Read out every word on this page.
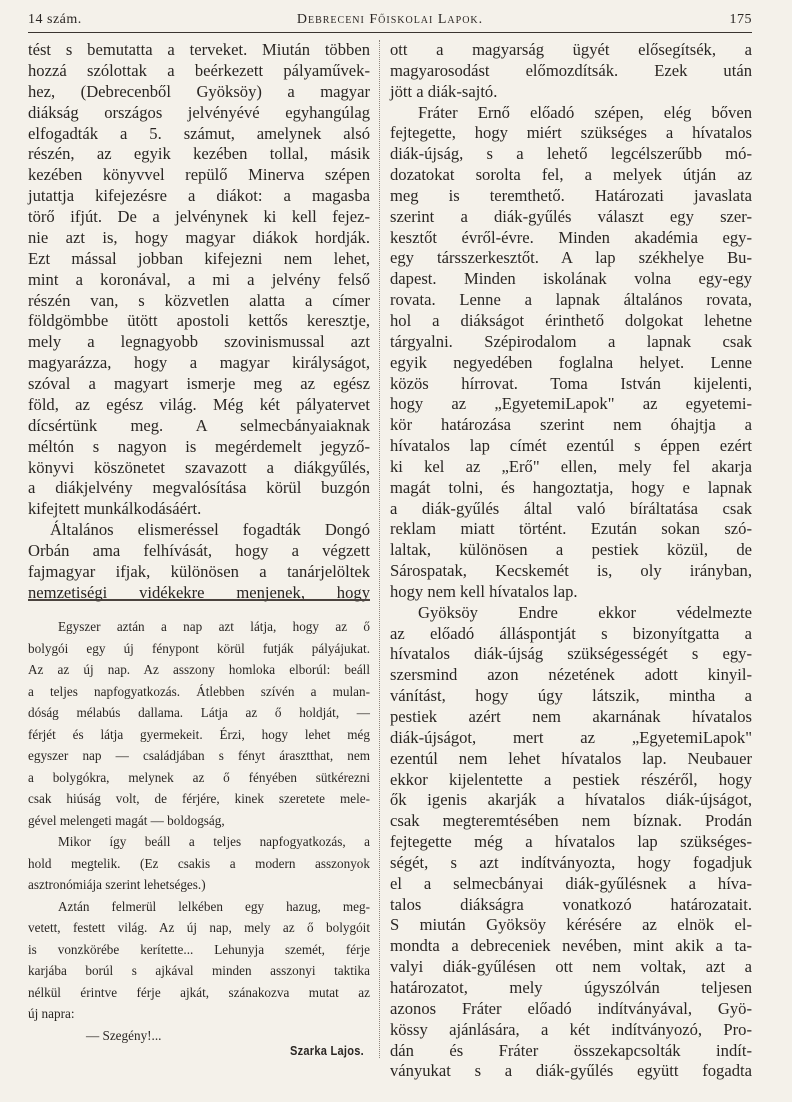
14 szám.	Debreceni Főiskolai Lapok.	175
tést s bemutatta a terveket. Miután többen
hozzá szólottak a beérkezett pályaművek-
hez, (Debrecenből Gyöksöy) a magyar
diákság országos jelvényévé egyhangúlag
elfogadták a 5. számut, amelynek alsó
részén, az egyik kezében tollal, másik
kezében könyvvel repülő Minerva szépen
jutattja kifejezésre a diákot: a magasba
törő ifjút. De a jelvénynek ki kell fejez-
nie azt is, hogy magyar diákok hordják.
Ezt mással jobban kifejezni nem lehet,
mint a koronával, a mi a jelvény felső
részén van, s közvetlen alatta a címer
földgömbbe ütött apostoli kettős keresztje,
mely a legnagyobb szovinismussal azt
magyarázza, hogy a magyar királyságot,
szóval a magyart ismerje meg az egész
föld, az egész világ. Még két pályatervet
dícsértünk meg. A selmecbányaiaknak
méltón s nagyon is megérdemelt jegyző-
könyvi köszönetet szavazott a diákgyűlés,
a diákjelvény megvalósítása körül buzgón
kifejtett munkálkodásáért.
Általános elismeréssel fogadták Dongó
Orbán ama felhívását, hogy a végzett
fajmagyar ifjak, különösen a tanárjelöltek
nemzetiségi vidékekre menjenek, hogy
Egyszer aztán a nap azt látja, hogy az ő
bolygói egy új fénypont körül futják pályájukat.
Az az új nap. Az asszony homloka elborúl: beáll
a teljes napfogyatkozás. Átlebben szívén a mulan-
dóság mélabús dallama. Látja az ő holdját, —
férjét és látja gyermekeit. Érzi, hogy lehet még
egyszer nap — családjában s fényt árasztthat, nem
a bolygókra, melynek az ő fényében sütkérezni
csak hiúság volt, de férjére, kinek szeretete mele-
gével melengeti magát — boldogság,
Mikor így beáll a teljes napfogyatkozás, a
hold megtelik. (Ez csakis a modern asszonyok
asztronómiája szerint lehetséges.)
Aztán felmerül lelkében egy hazug, meg-
vetett, festett világ. Az új nap, mely az ő bolygóit
is vonzkörébe kerítette... Lehunyja szemét, férje
karjába borúl s ajkával minden asszonyi taktika
nélkül érintve férje ajkát, szánakozva mutat az
új napra:
— Szegény!...
Szarka Lajos.
ott a magyarság ügyét elősegítsék, a
magyarosodást előmozdítsák. Ezek után
jött a diák-sajtó.
Fráter Ernő előadó szépen, elég bőven
fejtegette, hogy miért szükséges a hívatalos
diák-újság, s a lehető legcélszerűbb mó-
dozatokat sorolta fel, a melyek útján az
meg is teremthető. Határozati javaslata
szerint a diák-gyűlés választ egy szer-
kesztőt évről-évre. Minden akadémia egy-
egy társszerkesztőt. A lap székhelye Bu-
dapest. Minden iskolának volna egy-egy
rovata. Lenne a lapnak általános rovata,
hol a diákságot érinthető dolgokat lehetne
tárgyalni. Szépirodalom a lapnak csak
egyik negyedében foglalna helyet. Lenne
közös hírrovat. Toma István kijelenti,
hogy az „EgyetemiLapok" az egyetemi-
kör határozása szerint nem óhajtja a
hívatalos lap címét ezentúl s éppen ezért
ki kel az „Erő" ellen, mely fel akarja
magát tolni, és hangoztatja, hogy e lapnak
a diák-gyűlés által való bíráltatása csak
reklam miatt történt. Ezután sokan szó-
laltak, különösen a pestiek közül, de
Sárospatak, Kecskemét is, oly irányban,
hogy nem kell hívatalos lap.
Gyöksöy Endre ekkor védelmezte
az előadó álláspontját s bizonyítgatta a
hívatalos diák-újság szükségességét s egy-
szersmind azon nézetének adott kinyil-
vánítást, hogy úgy látszik, mintha a
pestiek azért nem akarnának hívatalos
diák-újságot, mert az „EgyetemiLapok"
ezentúl nem lehet hívatalos lap. Neubauer
ekkor kijelentette a pestiek részéről, hogy
ők igenis akarják a hívatalos diák-újságot,
csak megteremtésében nem bíznak. Prodán
fejtegette még a hívatalos lap szükséges-
ségét, s azt indítványozta, hogy fogadjuk
el a selmecbányai diák-gyűlésnek a híva-
talos diákságra vonatkozó határozatait.
S miután Gyöksöy kérésére az elnök el-
mondta a debreceniek nevében, mint akik a ta-
valyi diák-gyűlésen ott nem voltak, azt a
határozatot, mely úgyszólván teljesen
azonos Fráter előadó indítványával, Gyö-
kössy ajánlására, a két indítványozó, Pro-
dán és Fráter összekapcsolták indít-
ványukat s a diák-gyűlés együtt fogadta
